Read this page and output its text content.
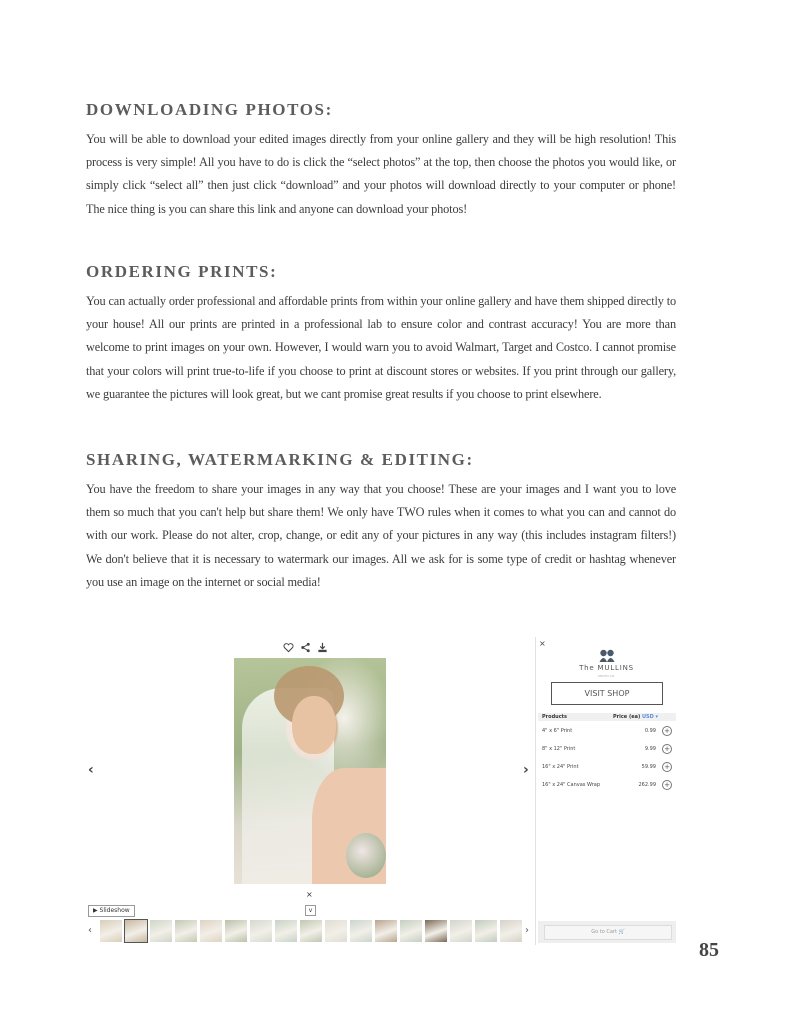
DOWNLOADING PHOTOS:

You will be able to download your edited images directly from your online gallery and they will be high resolution! This process is very simple! All you have to do is click the “select photos” at the top, then choose the photos you would like, or simply click “select all” then just click “download” and your photos will download directly to your computer or phone! The nice thing is you can share this link and anyone can download your photos!

ORDERING PRINTS:

You can actually order professional and affordable prints from within your online gallery and have them shipped directly to your house! All our prints are printed in a professional lab to ensure color and contrast accuracy! You are more than welcome to print images on your own. However, I would warn you to avoid Walmart, Target and Costco. I cannot promise that your colors will print true-to-life if you choose to print at discount stores or websites. If you print through our gallery, we guarantee the pictures will look great, but we cant promise great results if you choose to print elsewhere.

SHARING, WATERMARKING & EDITING:

You have the freedom to share your images in any way that you choose! These are your images and I want you to love them so much that you can't help but share them! We only have TWO rules when it comes to what you can and cannot do with our work. Please do not alter, crop, change, or edit any of your pictures in any way (this includes instagram filters!) We don't believe that it is necessary to watermark our images. All we ask for is some type of credit or hashtag whenever you use an image on the internet or social media!

‹	›
×
▶ Slideshow	v
‹	›
×
The MULLINS
PHOTO CO.
VISIT SHOP
Products	Price (ea) USD ▾
4" x 6" Print	0.99 +
8" x 12" Print	9.99 +
16" x 24" Print	59.99 +
16" x 24" Canvas Wrap	262.99 +
Go to Cart 🛒
85
